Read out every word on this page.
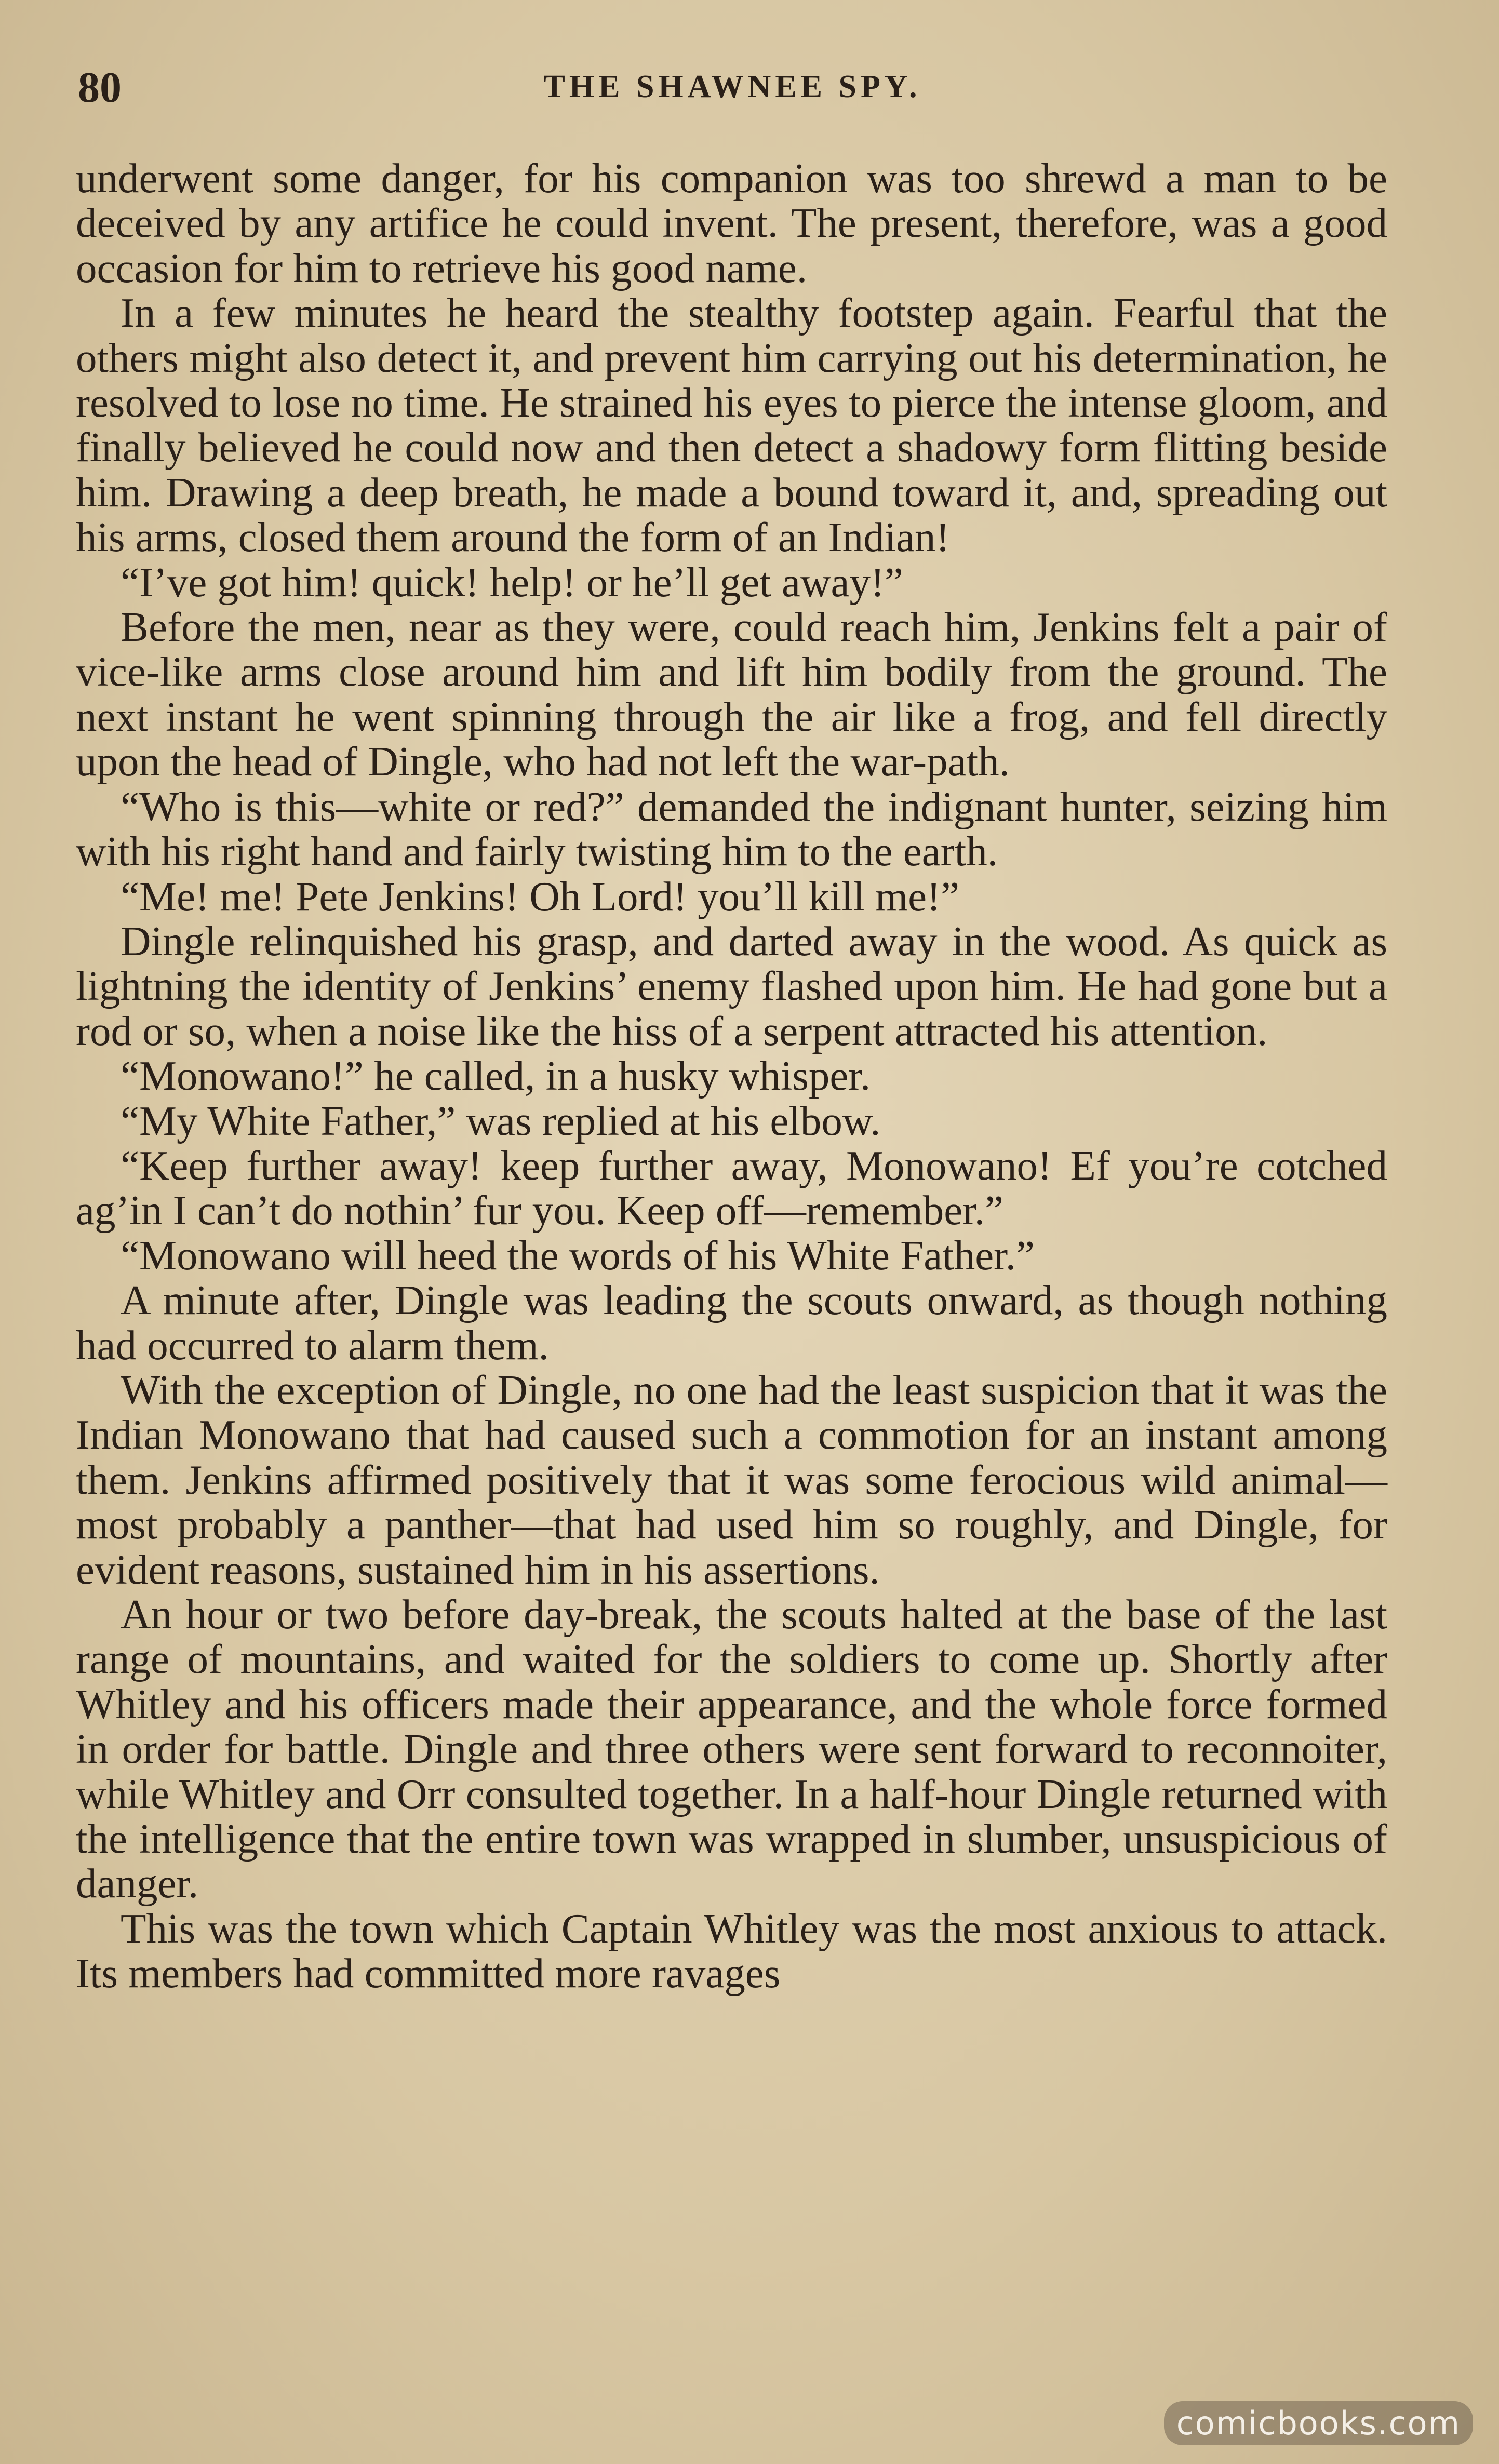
80	THE SHAWNEE SPY.

underwent some danger, for his companion was too shrewd a man to be deceived by any artifice he could invent. The present, therefore, was a good occasion for him to retrieve his good name.

In a few minutes he heard the stealthy footstep again. Fearful that the others might also detect it, and prevent him carrying out his determination, he resolved to lose no time. He strained his eyes to pierce the intense gloom, and finally believed he could now and then detect a shadowy form flitting beside him. Drawing a deep breath, he made a bound toward it, and, spreading out his arms, closed them around the form of an Indian!

“I’ve got him! quick! help! or he’ll get away!”

Before the men, near as they were, could reach him, Jenkins felt a pair of vice-like arms close around him and lift him bodily from the ground. The next instant he went spinning through the air like a frog, and fell directly upon the head of Dingle, who had not left the war-path.

“Who is this—white or red?” demanded the indignant hunter, seizing him with his right hand and fairly twisting him to the earth.

“Me! me! Pete Jenkins! Oh Lord! you’ll kill me!”

Dingle relinquished his grasp, and darted away in the wood. As quick as lightning the identity of Jenkins’ enemy flashed upon him. He had gone but a rod or so, when a noise like the hiss of a serpent attracted his attention.

“Monowano!” he called, in a husky whisper.

“My White Father,” was replied at his elbow.

“Keep further away! keep further away, Monowano! Ef you’re cotched ag’in I can’t do nothin’ fur you. Keep off—remember.”

“Monowano will heed the words of his White Father.”

A minute after, Dingle was leading the scouts onward, as though nothing had occurred to alarm them.

With the exception of Dingle, no one had the least suspicion that it was the Indian Monowano that had caused such a commotion for an instant among them. Jenkins affirmed positively that it was some ferocious wild animal—most probably a panther—that had used him so roughly, and Dingle, for evident reasons, sustained him in his assertions.

An hour or two before day-break, the scouts halted at the base of the last range of mountains, and waited for the soldiers to come up. Shortly after Whitley and his officers made their appearance, and the whole force formed in order for battle. Dingle and three others were sent forward to reconnoiter, while Whitley and Orr consulted together. In a half-hour Dingle returned with the intelligence that the entire town was wrapped in slumber, unsuspicious of danger.

This was the town which Captain Whitley was the most anxious to attack. Its members had committed more ravages

comicbooks.com
